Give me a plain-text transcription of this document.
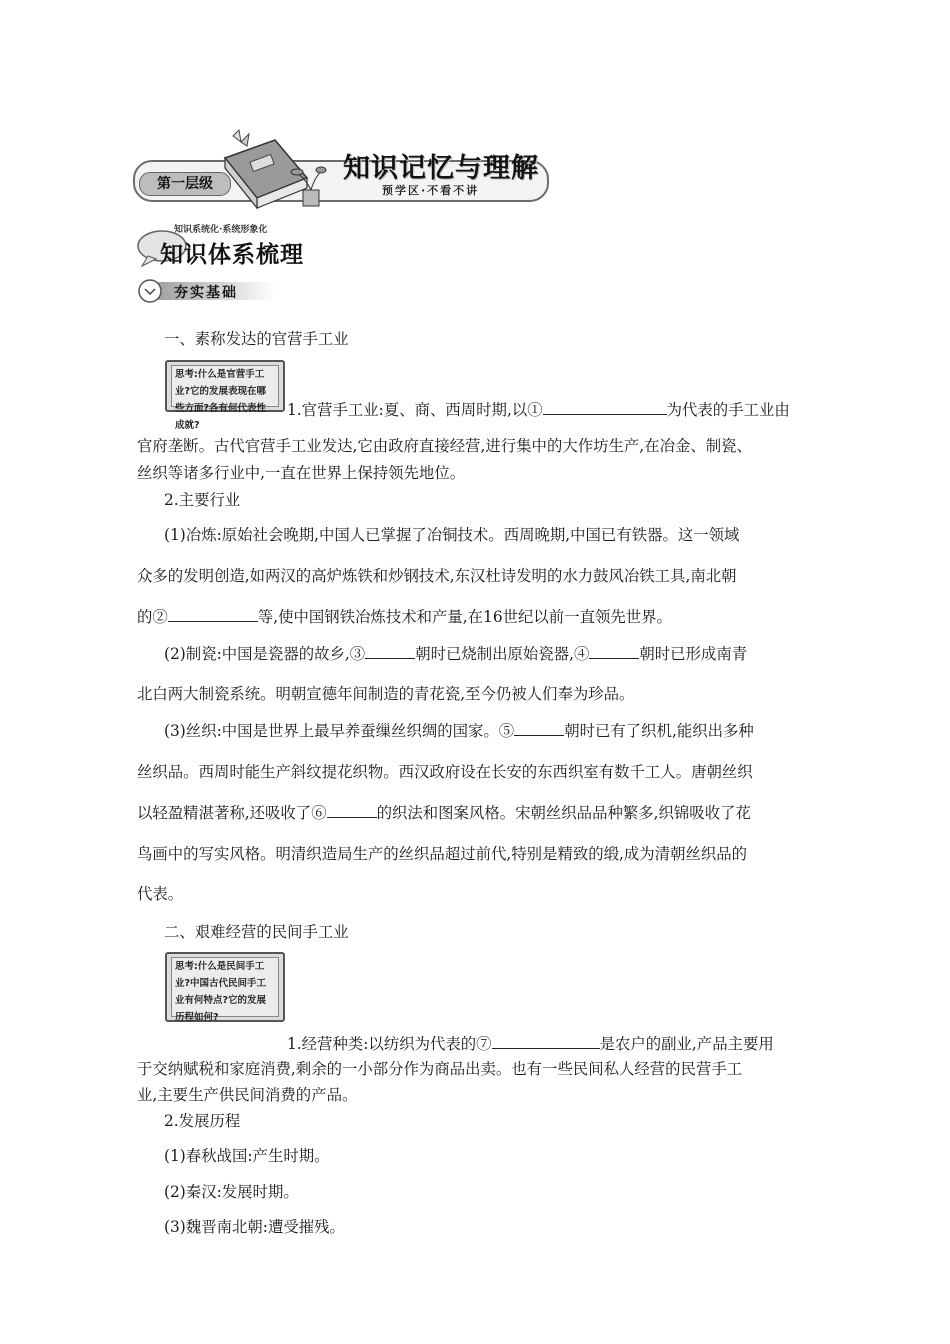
第一层级	知识记忆与理解
预学区·不看不讲
知识系统化·系统形象化
知识体系梳理
夯实基础
一、素称发达的官营手工业
思考:什么是官营手工业?它的发展表现在哪些方面?各有何代表性成就?
1.官营手工业:夏、商、西周时期,以①	为代表的手工业由
官府垄断。古代官营手工业发达,它由政府直接经营,进行集中的大作坊生产,在冶金、制瓷、
丝织等诸多行业中,一直在世界上保持领先地位。
2.主要行业
(1)冶炼:原始社会晚期,中国人已掌握了冶铜技术。西周晚期,中国已有铁器。这一领域
众多的发明创造,如两汉的高炉炼铁和炒钢技术,东汉杜诗发明的水力鼓风冶铁工具,南北朝
的②	等,使中国钢铁冶炼技术和产量,在16世纪以前一直领先世界。
(2)制瓷:中国是瓷器的故乡,③	朝时已烧制出原始瓷器,④	朝时已形成南青
北白两大制瓷系统。明朝宣德年间制造的青花瓷,至今仍被人们奉为珍品。
(3)丝织:中国是世界上最早养蚕缫丝织绸的国家。⑤	朝时已有了织机,能织出多种
丝织品。西周时能生产斜纹提花织物。西汉政府设在长安的东西织室有数千工人。唐朝丝织
以轻盈精湛著称,还吸收了⑥	的织法和图案风格。宋朝丝织品品种繁多,织锦吸收了花
鸟画中的写实风格。明清织造局生产的丝织品超过前代,特别是精致的缎,成为清朝丝织品的
代表。
二、艰难经营的民间手工业
思考:什么是民间手工业?中国古代民间手工业有何特点?它的发展历程如何?
1.经营种类:以纺织为代表的⑦	是农户的副业,产品主要用
于交纳赋税和家庭消费,剩余的一小部分作为商品出卖。也有一些民间私人经营的民营手工
业,主要生产供民间消费的产品。
2.发展历程
(1)春秋战国:产生时期。
(2)秦汉:发展时期。
(3)魏晋南北朝:遭受摧残。
